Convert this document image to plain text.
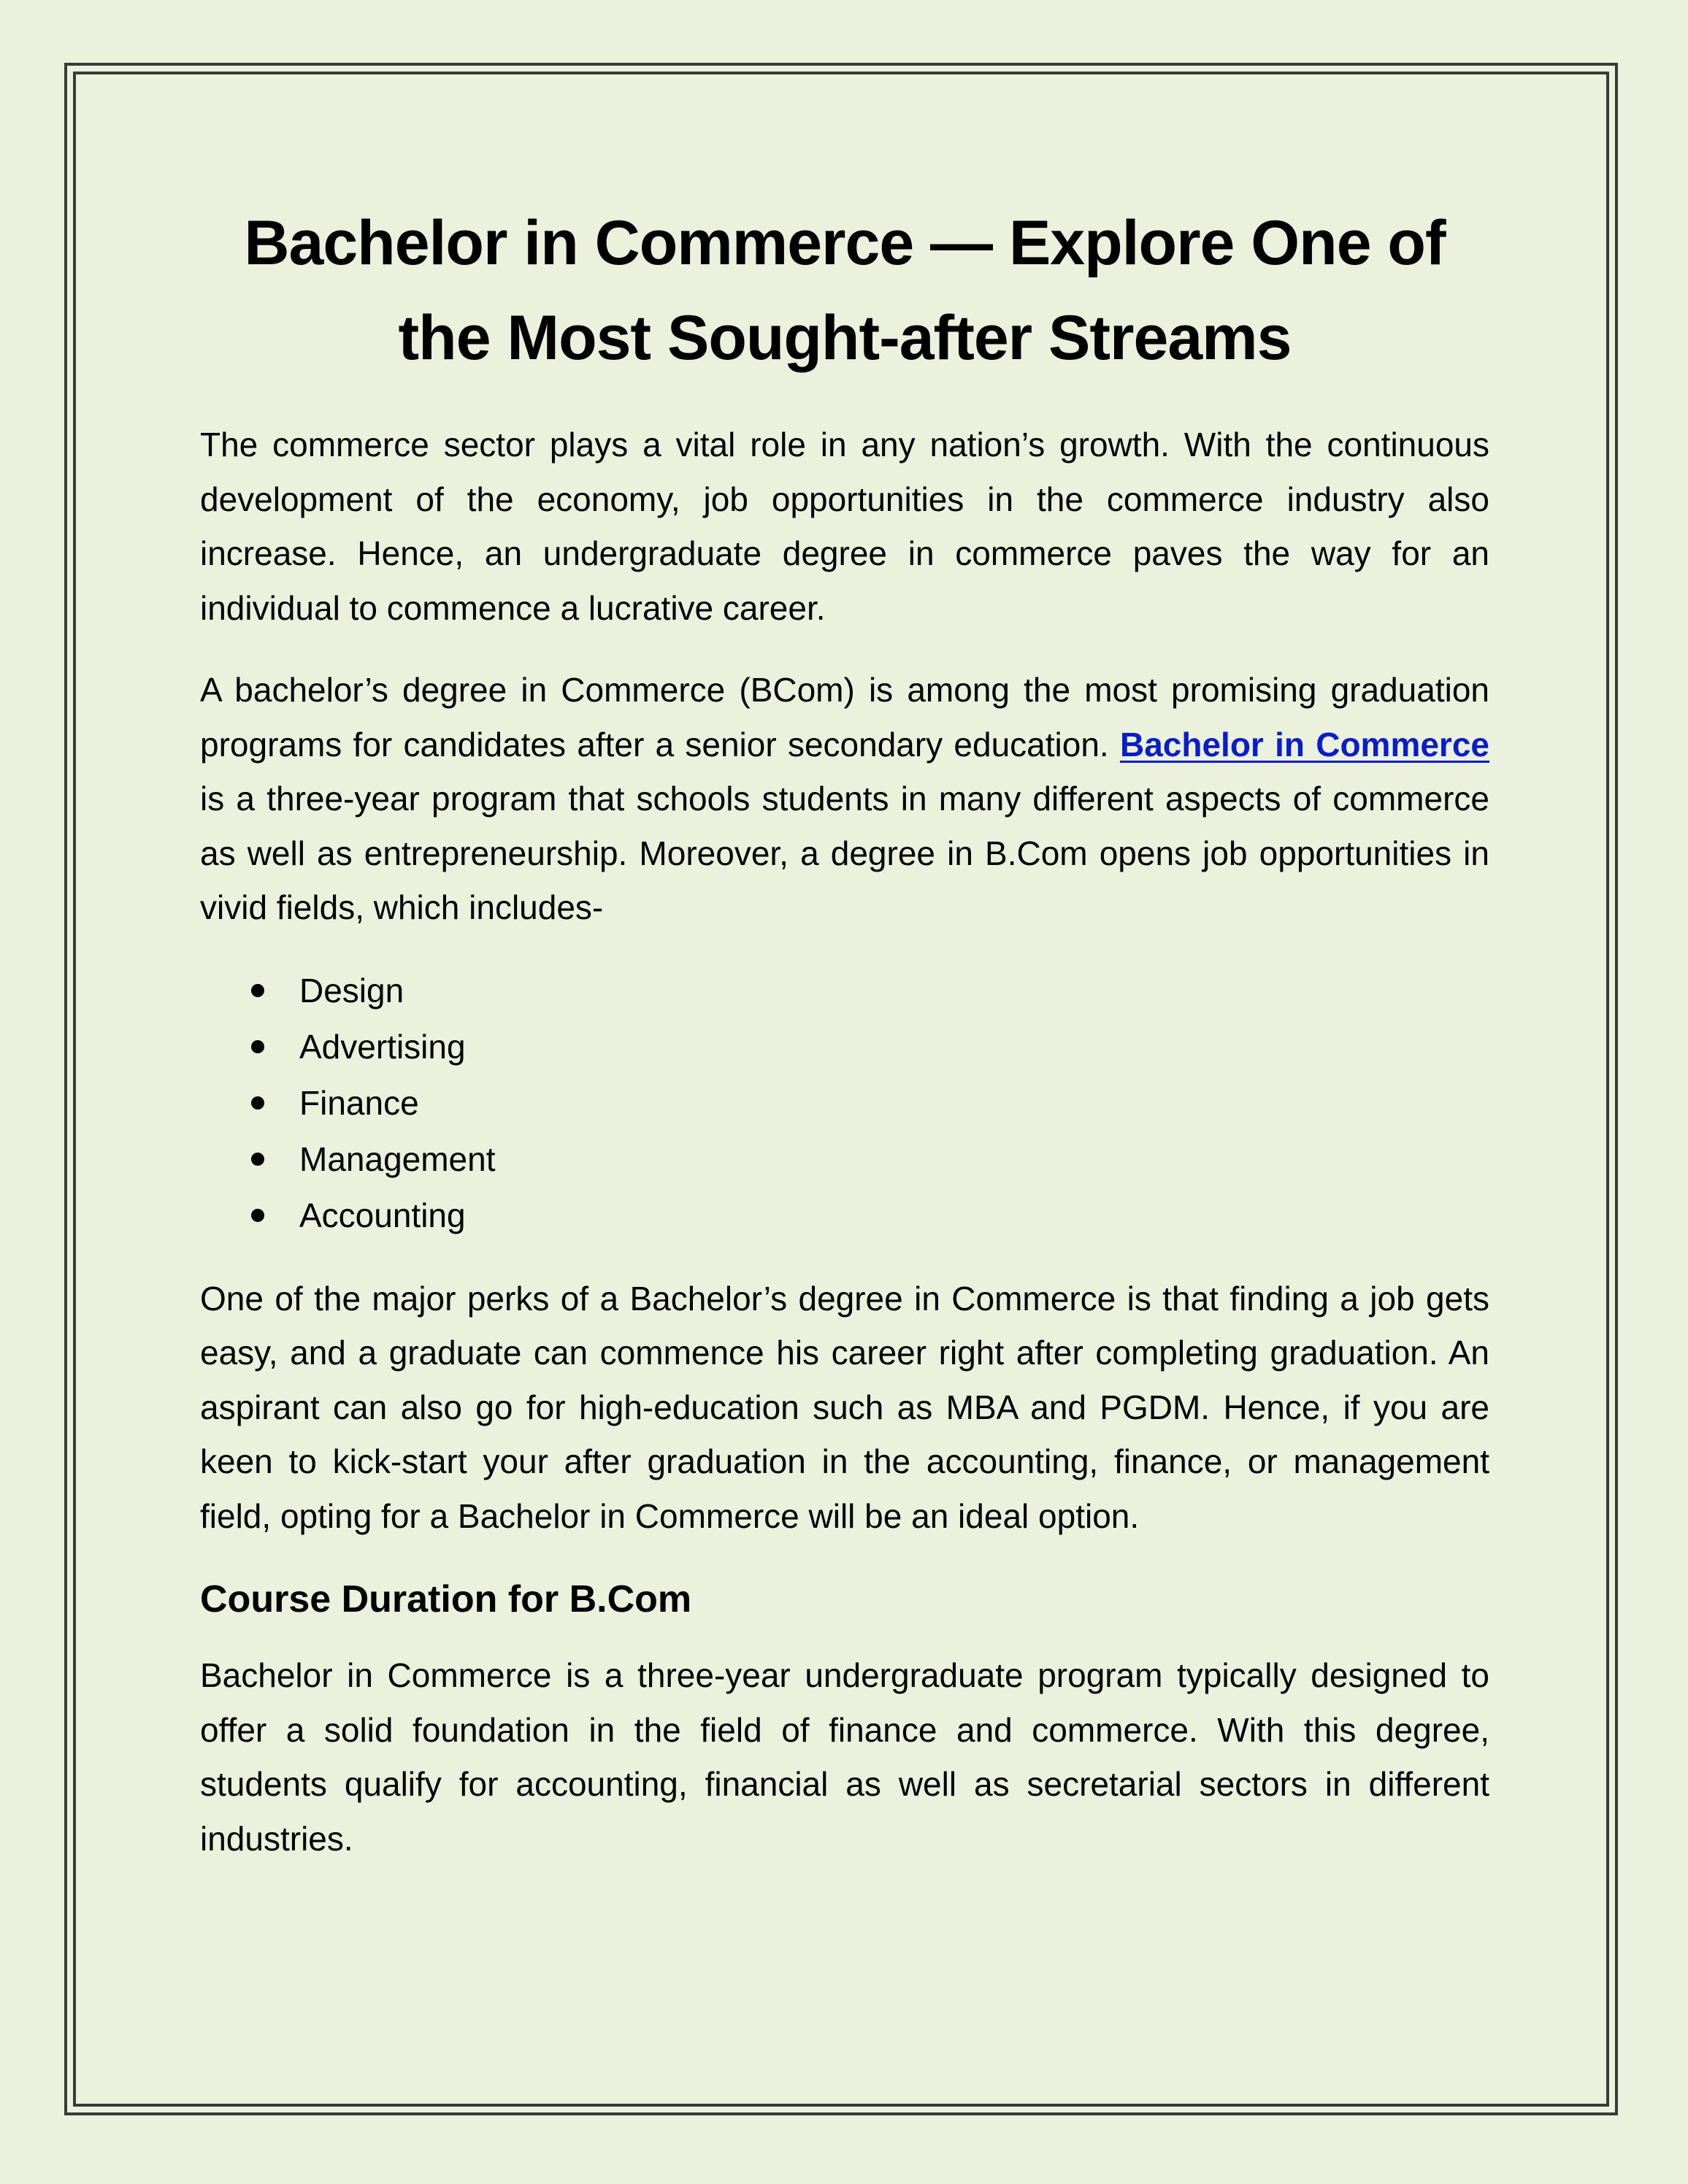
Bachelor in Commerce — Explore One of the Most Sought-after Streams

The commerce sector plays a vital role in any nation’s growth. With the continuous development of the economy, job opportunities in the commerce industry also increase. Hence, an undergraduate degree in commerce paves the way for an individual to commence a lucrative career.

A bachelor’s degree in Commerce (BCom) is among the most promising graduation programs for candidates after a senior secondary education. Bachelor in Commerce is a three-year program that schools students in many different aspects of commerce as well as entrepreneurship. Moreover, a degree in B.Com opens job opportunities in vivid fields, which includes-

Design
Advertising
Finance
Management
Accounting

One of the major perks of a Bachelor’s degree in Commerce is that finding a job gets easy, and a graduate can commence his career right after completing graduation. An aspirant can also go for high-education such as MBA and PGDM. Hence, if you are keen to kick-start your after graduation in the accounting, finance, or management field, opting for a Bachelor in Commerce will be an ideal option.

Course Duration for B.Com

Bachelor in Commerce is a three-year undergraduate program typically designed to offer a solid foundation in the field of finance and commerce. With this degree, students qualify for accounting, financial as well as secretarial sectors in different industries.
